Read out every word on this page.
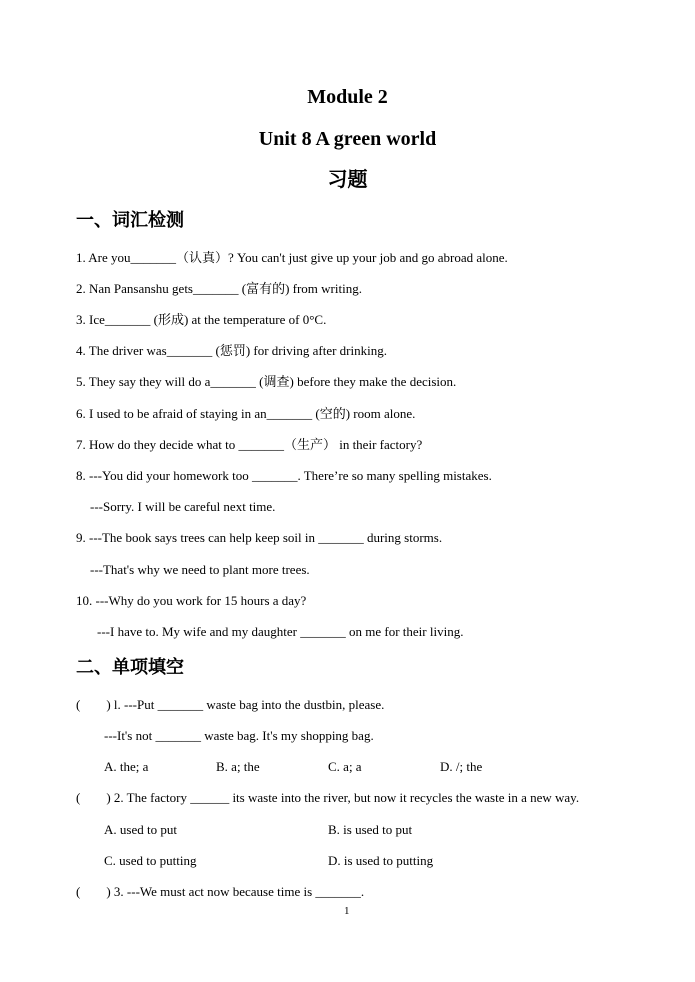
Module 2
Unit 8 A green world
习题
一、词汇检测
1. Are you_______（认真）? You can't just give up your job and go abroad alone.
2. Nan Pansanshu gets_______ (富有的) from writing.
3. Ice_______ (形成) at the temperature of 0°C.
4. The driver was_______ (惩罚) for driving after drinking.
5. They say they will do a_______ (调查) before they make the decision.
6. I used to be afraid of staying in an_______ (空的) room alone.
7. How do they decide what to _______（生产） in their factory?
8. ---You did your homework too _______. There’re so many spelling mistakes.
---Sorry. I will be careful next time.
9. ---The book says trees can help keep soil in _______ during storms.
---That's why we need to plant more trees.
10. ---Why do you work for 15 hours a day?
---I have to. My wife and my daughter _______ on me for their living.
二、单项填空
(        ) l. ---Put _______ waste bag into the dustbin, please.
---It's not _______ waste bag. It's my shopping bag.
A. the; a	B. a; the	C. a; a	D. /; the
(        ) 2. The factory ______ its waste into the river, but now it recycles the waste in a new way.
A. used to put	B. is used to put
C. used to putting	D. is used to putting
(        ) 3. ---We must act now because time is _______.
1
